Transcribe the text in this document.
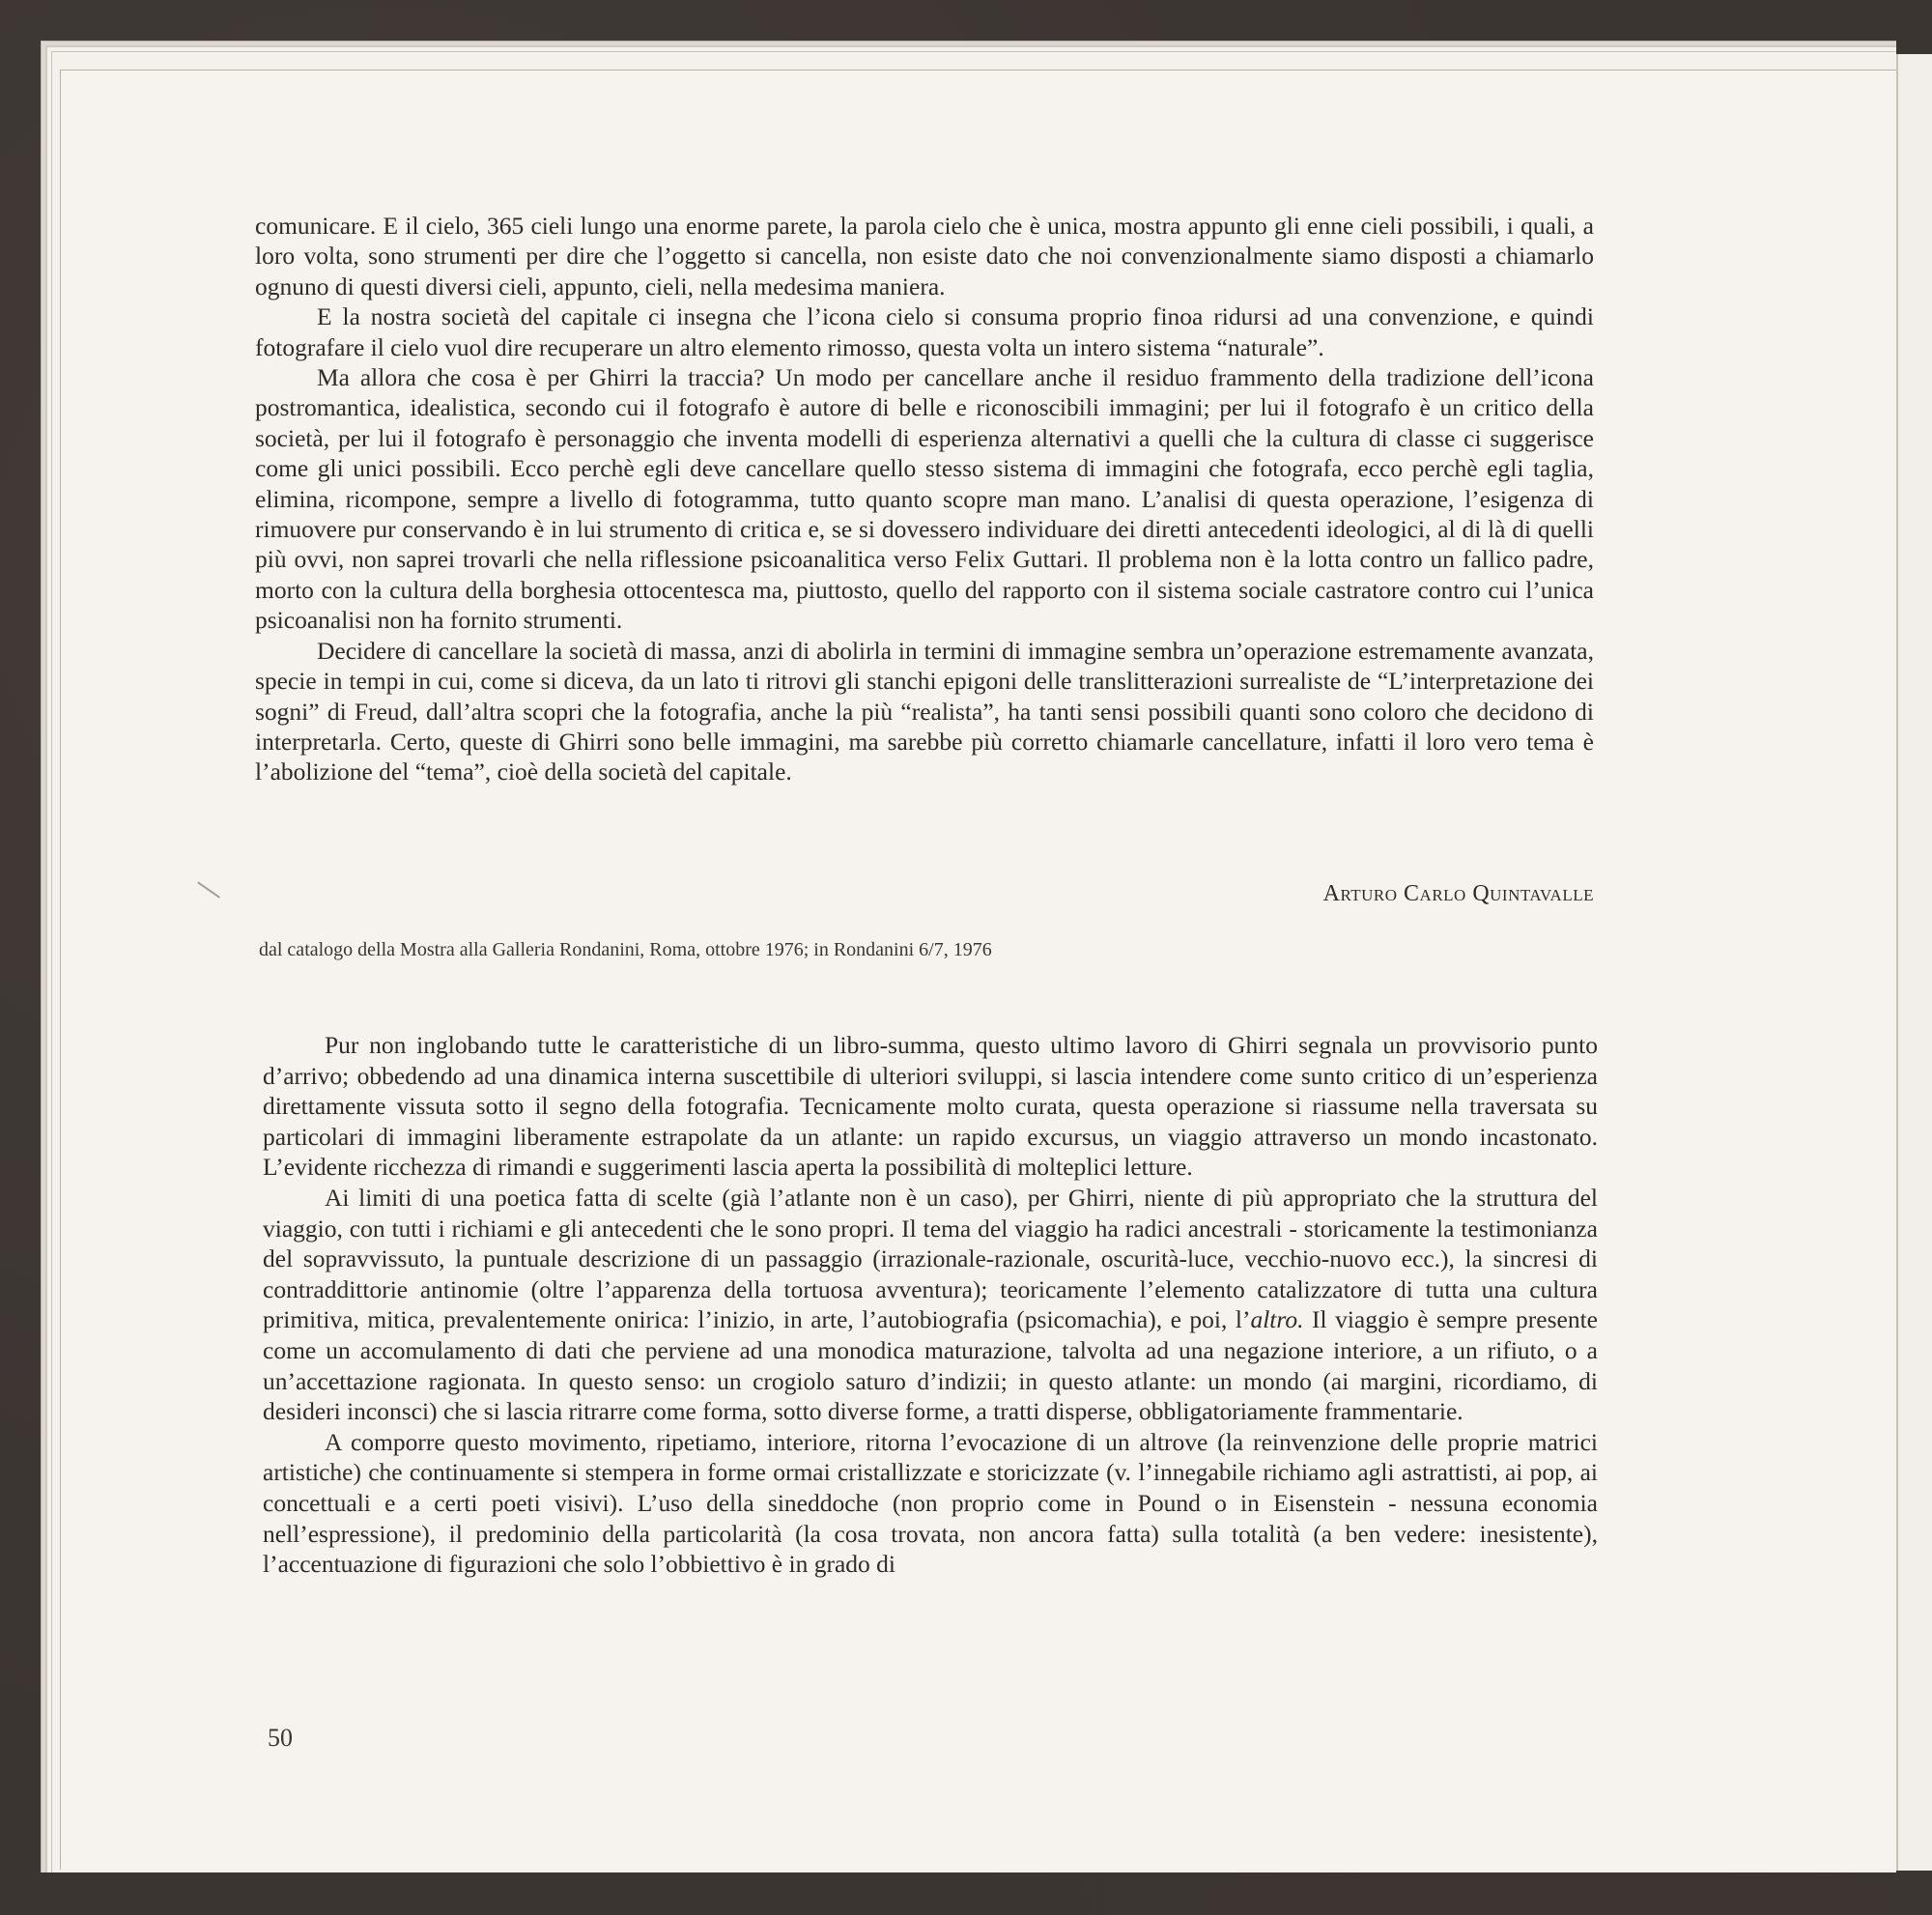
comunicare. E il cielo, 365 cieli lungo una enorme parete, la parola cielo che è unica, mostra appunto gli enne cieli possibili, i quali, a loro volta, sono strumenti per dire che l’oggetto si cancella, non esiste dato che noi convenzionalmente siamo disposti a chiamarlo ognuno di questi diversi cieli, appunto, cieli, nella medesima maniera.

E la nostra società del capitale ci insegna che l’icona cielo si consuma proprio finoa ridursi ad una convenzione, e quindi fotografare il cielo vuol dire recuperare un altro elemento rimosso, questa volta un intero sistema “naturale”.

Ma allora che cosa è per Ghirri la traccia? Un modo per cancellare anche il residuo frammento della tradizione dell’icona postromantica, idealistica, secondo cui il fotografo è autore di belle e riconoscibili immagini; per lui il fotografo è un critico della società, per lui il fotografo è personaggio che inventa modelli di esperienza alternativi a quelli che la cultura di classe ci suggerisce come gli unici possibili. Ecco perchè egli deve cancellare quello stesso sistema di immagini che fotografa, ecco perchè egli taglia, elimina, ricompone, sempre a livello di fotogramma, tutto quanto scopre man mano. L’analisi di questa operazione, l’esigenza di rimuovere pur conservando è in lui strumento di critica e, se si dovessero individuare dei diretti antecedenti ideologici, al di là di quelli più ovvi, non saprei trovarli che nella riflessione psicoanalitica verso Felix Guttari. Il problema non è la lotta contro un fallico padre, morto con la cultura della borghesia ottocentesca ma, piuttosto, quello del rapporto con il sistema sociale castratore contro cui l’unica psicoanalisi non ha fornito strumenti.

Decidere di cancellare la società di massa, anzi di abolirla in termini di immagine sembra un’operazione estremamente avanzata, specie in tempi in cui, come si diceva, da un lato ti ritrovi gli stanchi epigoni delle translitterazioni surrealiste de “L’interpretazione dei sogni” di Freud, dall’altra scopri che la fotografia, anche la più “realista”, ha tanti sensi possibili quanti sono coloro che decidono di interpretarla. Certo, queste di Ghirri sono belle immagini, ma sarebbe più corretto chiamarle cancellature, infatti il loro vero tema è l’abolizione del “tema”, cioè della società del capitale.

Arturo Carlo Quintavalle
dal catalogo della Mostra alla Galleria Rondanini, Roma, ottobre 1976; in Rondanini 6/7, 1976

Pur non inglobando tutte le caratteristiche di un libro-summa, questo ultimo lavoro di Ghirri segnala un provvisorio punto d’arrivo; obbedendo ad una dinamica interna suscettibile di ulteriori sviluppi, si lascia intendere come sunto critico di un’esperienza direttamente vissuta sotto il segno della fotografia. Tecnicamente molto curata, questa operazione si riassume nella traversata su particolari di immagini liberamente estrapolate da un atlante: un rapido excursus, un viaggio attraverso un mondo incastonato. L’evidente ricchezza di rimandi e suggerimenti lascia aperta la possibilità di molteplici letture.

Ai limiti di una poetica fatta di scelte (già l’atlante non è un caso), per Ghirri, niente di più appropriato che la struttura del viaggio, con tutti i richiami e gli antecedenti che le sono propri. Il tema del viaggio ha radici ancestrali - storicamente la testimonianza del sopravvissuto, la puntuale descrizione di un passaggio (irrazionale-razionale, oscurità-luce, vecchio-nuovo ecc.), la sincresi di contraddittorie antinomie (oltre l’apparenza della tortuosa avventura); teoricamente l’elemento catalizzatore di tutta una cultura primitiva, mitica, prevalentemente onirica: l’inizio, in arte, l’autobiografia (psicomachia), e poi, l’altro. Il viaggio è sempre presente come un accomulamento di dati che perviene ad una monodica maturazione, talvolta ad una negazione interiore, a un rifiuto, o a un’accettazione ragionata. In questo senso: un crogiolo saturo d’indizii; in questo atlante: un mondo (ai margini, ricordiamo, di desideri inconsci) che si lascia ritrarre come forma, sotto diverse forme, a tratti disperse, obbligatoriamente frammentarie.

A comporre questo movimento, ripetiamo, interiore, ritorna l’evocazione di un altrove (la reinvenzione delle proprie matrici artistiche) che continuamente si stempera in forme ormai cristallizzate e storicizzate (v. l’innegabile richiamo agli astrattisti, ai pop, ai concettuali e a certi poeti visivi). L’uso della sineddoche (non proprio come in Pound o in Eisenstein - nessuna economia nell’espressione), il predominio della particolarità (la cosa trovata, non ancora fatta) sulla totalità (a ben vedere: inesistente), l’accentuazione di figurazioni che solo l’obbiettivo è in grado di

50
